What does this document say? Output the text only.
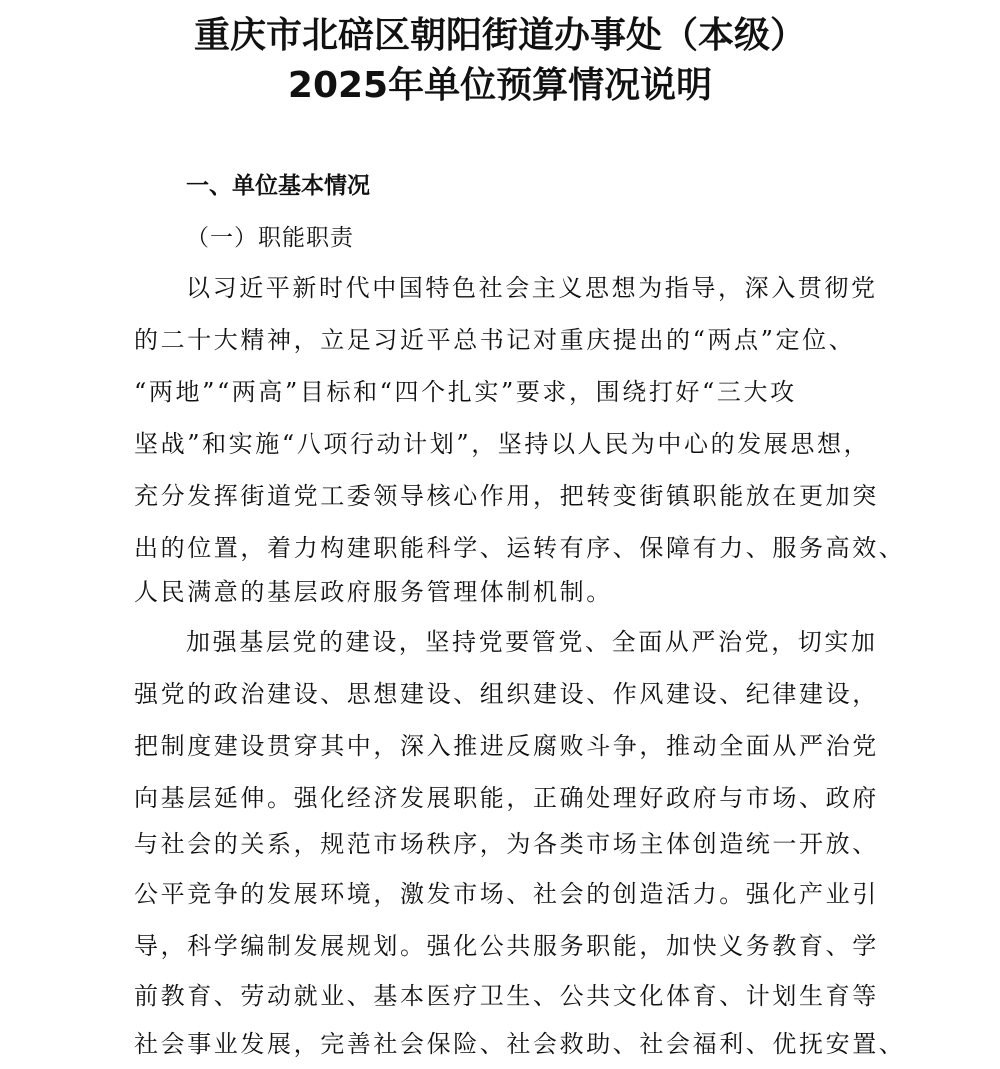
重庆市北碚区朝阳街道办事处（本级）
2025年单位预算情况说明
一、单位基本情况
（一）职能职责
以习近平新时代中国特色社会主义思想为指导，深入贯彻党
的二十大精神，立足习近平总书记对重庆提出的“两点”定位、
“两地”“两高”目标和“四个扎实”要求，围绕打好“三大攻
坚战”和实施“八项行动计划”，坚持以人民为中心的发展思想，
充分发挥街道党工委领导核心作用，把转变街镇职能放在更加突
出的位置，着力构建职能科学、运转有序、保障有力、服务高效、
人民满意的基层政府服务管理体制机制。
加强基层党的建设，坚持党要管党、全面从严治党，切实加
强党的政治建设、思想建设、组织建设、作风建设、纪律建设，
把制度建设贯穿其中，深入推进反腐败斗争，推动全面从严治党
向基层延伸。强化经济发展职能，正确处理好政府与市场、政府
与社会的关系，规范市场秩序，为各类市场主体创造统一开放、
公平竞争的发展环境，激发市场、社会的创造活力。强化产业引
导，科学编制发展规划。强化公共服务职能，加快义务教育、学
前教育、劳动就业、基本医疗卫生、公共文化体育、计划生育等
社会事业发展，完善社会保险、社会救助、社会福利、优抚安置、
